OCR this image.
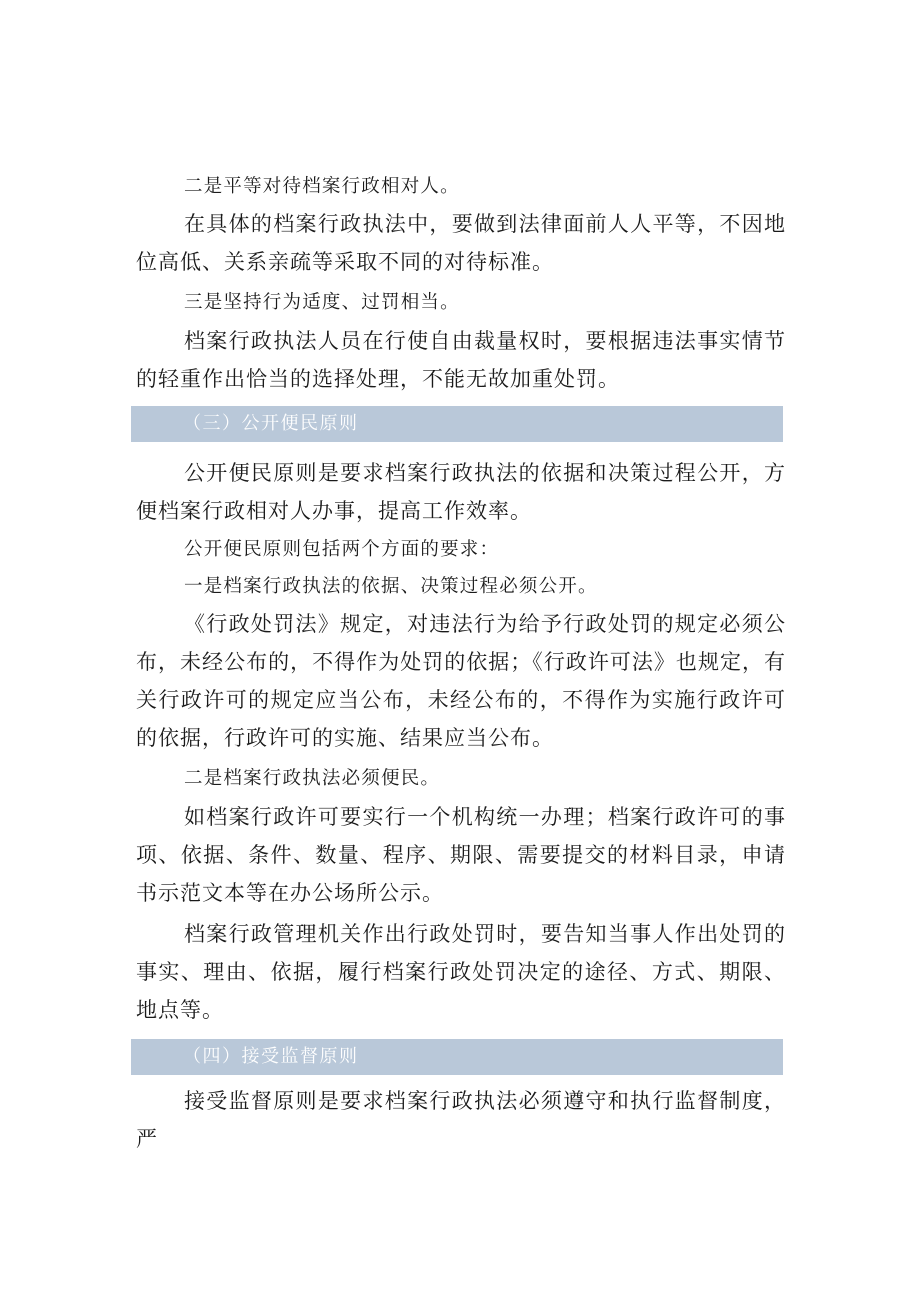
二是平等对待档案行政相对人。

在具体的档案行政执法中，要做到法律面前人人平等，不因地位高低、关系亲疏等采取不同的对待标准。

三是坚持行为适度、过罚相当。

档案行政执法人员在行使自由裁量权时，要根据违法事实情节的轻重作出恰当的选择处理，不能无故加重处罚。

（三）公开便民原则

公开便民原则是要求档案行政执法的依据和决策过程公开，方便档案行政相对人办事，提高工作效率。

公开便民原则包括两个方面的要求：

一是档案行政执法的依据、决策过程必须公开。

《行政处罚法》规定，对违法行为给予行政处罚的规定必须公布，未经公布的，不得作为处罚的依据；《行政许可法》也规定，有关行政许可的规定应当公布，未经公布的，不得作为实施行政许可的依据，行政许可的实施、结果应当公布。

二是档案行政执法必须便民。

如档案行政许可要实行一个机构统一办理；档案行政许可的事项、依据、条件、数量、程序、期限、需要提交的材料目录，申请书示范文本等在办公场所公示。

档案行政管理机关作出行政处罚时，要告知当事人作出处罚的事实、理由、依据，履行档案行政处罚决定的途径、方式、期限、地点等。

（四）接受监督原则

接受监督原则是要求档案行政执法必须遵守和执行监督制度，严
